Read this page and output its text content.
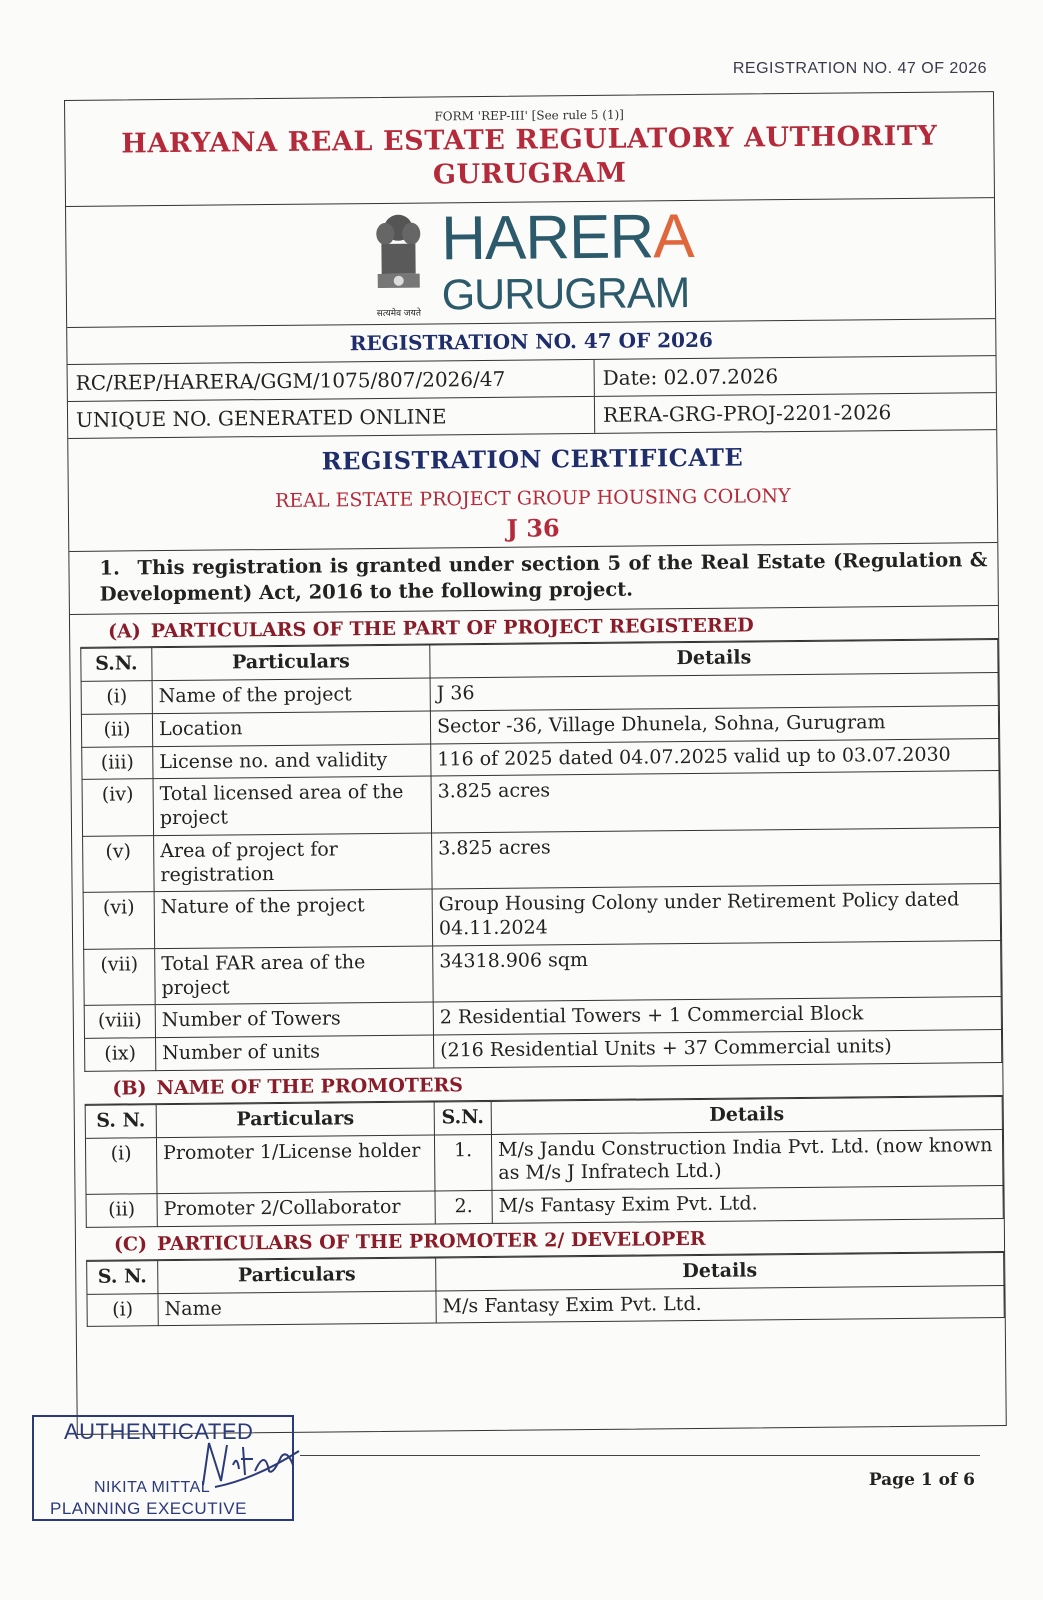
REGISTRATION NO. 47 OF 2026
FORM 'REP-III' [See rule 5 (1)]
HARYANA REAL ESTATE REGULATORY AUTHORITY
GURUGRAM
सत्यमेव जयते
HARERA
GURUGRAM
REGISTRATION NO. 47 OF 2026
RC/REP/HARERA/GGM/1075/807/2026/47	Date: 02.07.2026
UNIQUE NO. GENERATED ONLINE	RERA-GRG-PROJ-2201-2026
REGISTRATION CERTIFICATE
REAL ESTATE PROJECT GROUP HOUSING COLONY
J 36
1. This registration is granted under section 5 of the Real Estate (Regulation & Development) Act, 2016 to the following project.
(A) PARTICULARS OF THE PART OF PROJECT REGISTERED
S.N.	Particulars	Details
(i)	Name of the project	J 36
(ii)	Location	Sector -36, Village Dhunela, Sohna, Gurugram
(iii)	License no. and validity	116 of 2025 dated 04.07.2025 valid up to 03.07.2030
(iv)	Total licensed area of the project	3.825 acres
(v)	Area of project for registration	3.825 acres
(vi)	Nature of the project	Group Housing Colony under Retirement Policy dated 04.11.2024
(vii)	Total FAR area of the project	34318.906 sqm
(viii)	Number of Towers	2 Residential Towers + 1 Commercial Block
(ix)	Number of units	(216 Residential Units + 37 Commercial units)
(B) NAME OF THE PROMOTERS
S. N.	Particulars	S.N.	Details
(i)	Promoter 1/License holder	1.	M/s Jandu Construction India Pvt. Ltd. (now known as M/s J Infratech Ltd.)
(ii)	Promoter 2/Collaborator	2.	M/s Fantasy Exim Pvt. Ltd.
(C) PARTICULARS OF THE PROMOTER 2/ DEVELOPER
S. N.	Particulars	Details
(i)	Name	M/s Fantasy Exim Pvt. Ltd.
AUTHENTICATED
NIKITA MITTAL
PLANNING EXECUTIVE
Page 1 of 6
